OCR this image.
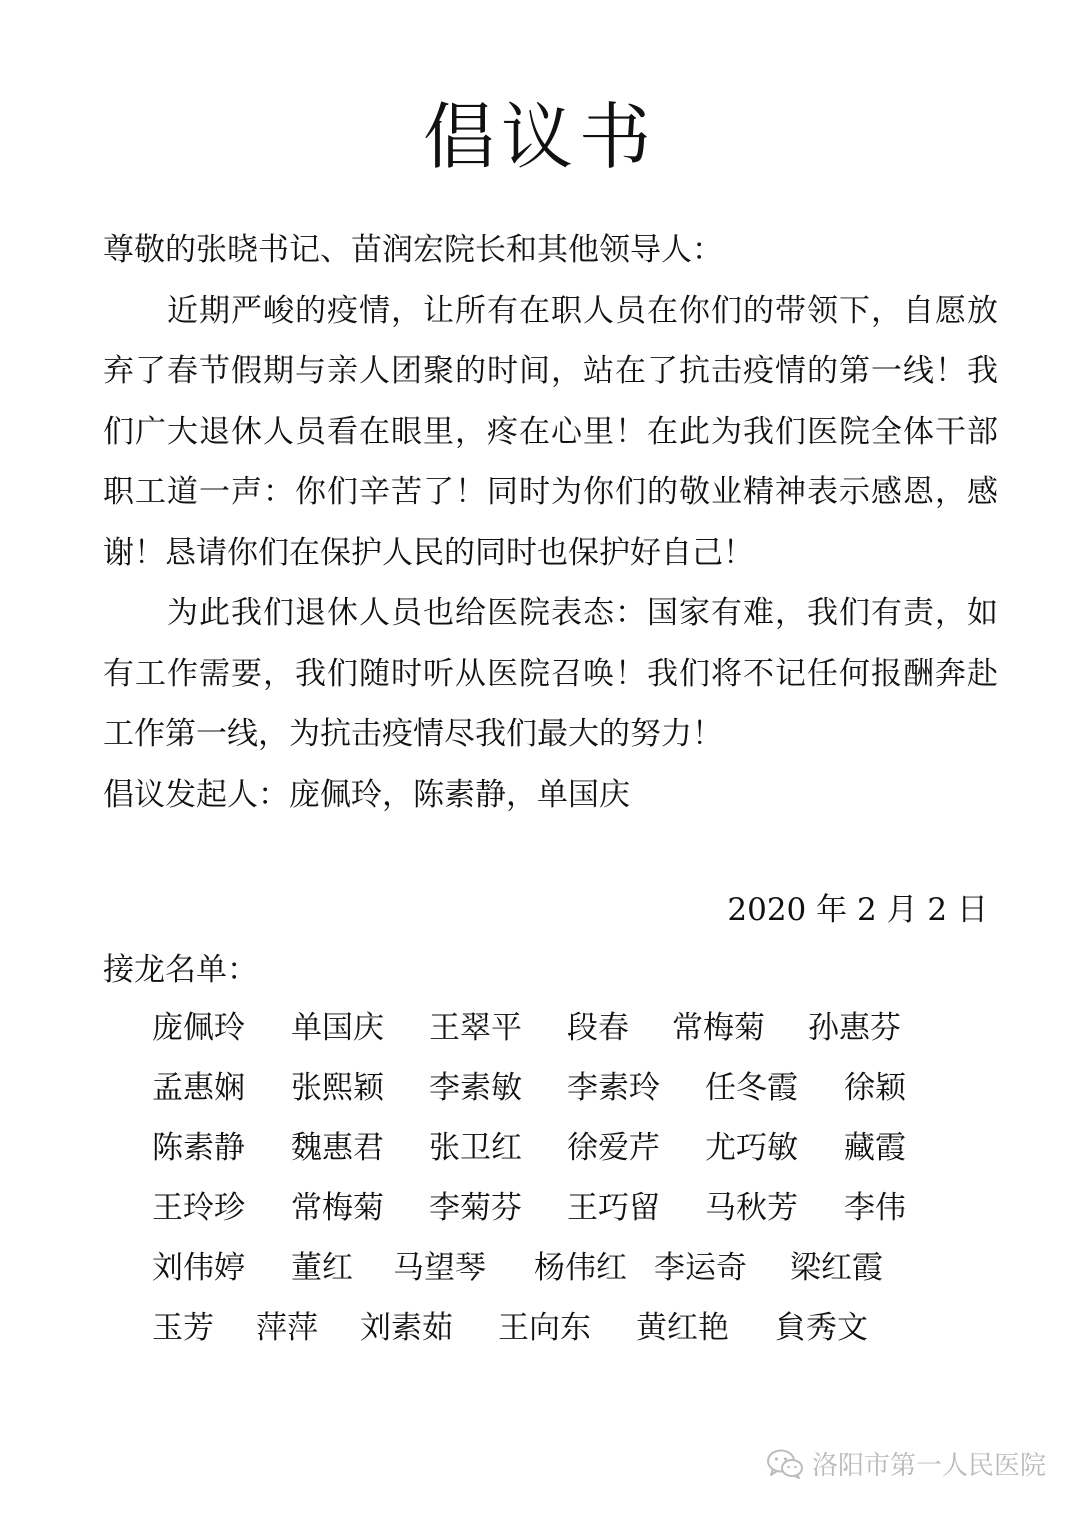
倡议书

尊敬的张晓书记、苗润宏院长和其他领导人：

近期严峻的疫情，让所有在职人员在你们的带领下，自愿放弃了春节假期与亲人团聚的时间，站在了抗击疫情的第一线！我们广大退休人员看在眼里，疼在心里！在此为我们医院全体干部职工道一声：你们辛苦了！同时为你们的敬业精神表示感恩，感谢！恳请你们在保护人民的同时也保护好自己！

为此我们退休人员也给医院表态：国家有难，我们有责，如有工作需要，我们随时听从医院召唤！我们将不记任何报酬奔赴工作第一线，为抗击疫情尽我们最大的努力！

倡议发起人：庞佩玲，陈素静，单国庆

2020 年 2 月 2 日
接龙名单：
庞佩玲 单国庆 王翠平 段春 常梅菊 孙惠芬
孟惠娴 张熙颖 李素敏 李素玲 任冬霞 徐颖
陈素静 魏惠君 张卫红 徐爱芹 尤巧敏 藏霞
王玲珍 常梅菊 李菊芬 王巧留 马秋芳 李伟
刘伟婷 董红 马望琴 杨伟红 李运奇 梁红霞
玉芳 萍萍 刘素茹 王向东 黄红艳 貟秀文
洛阳市第一人民医院
